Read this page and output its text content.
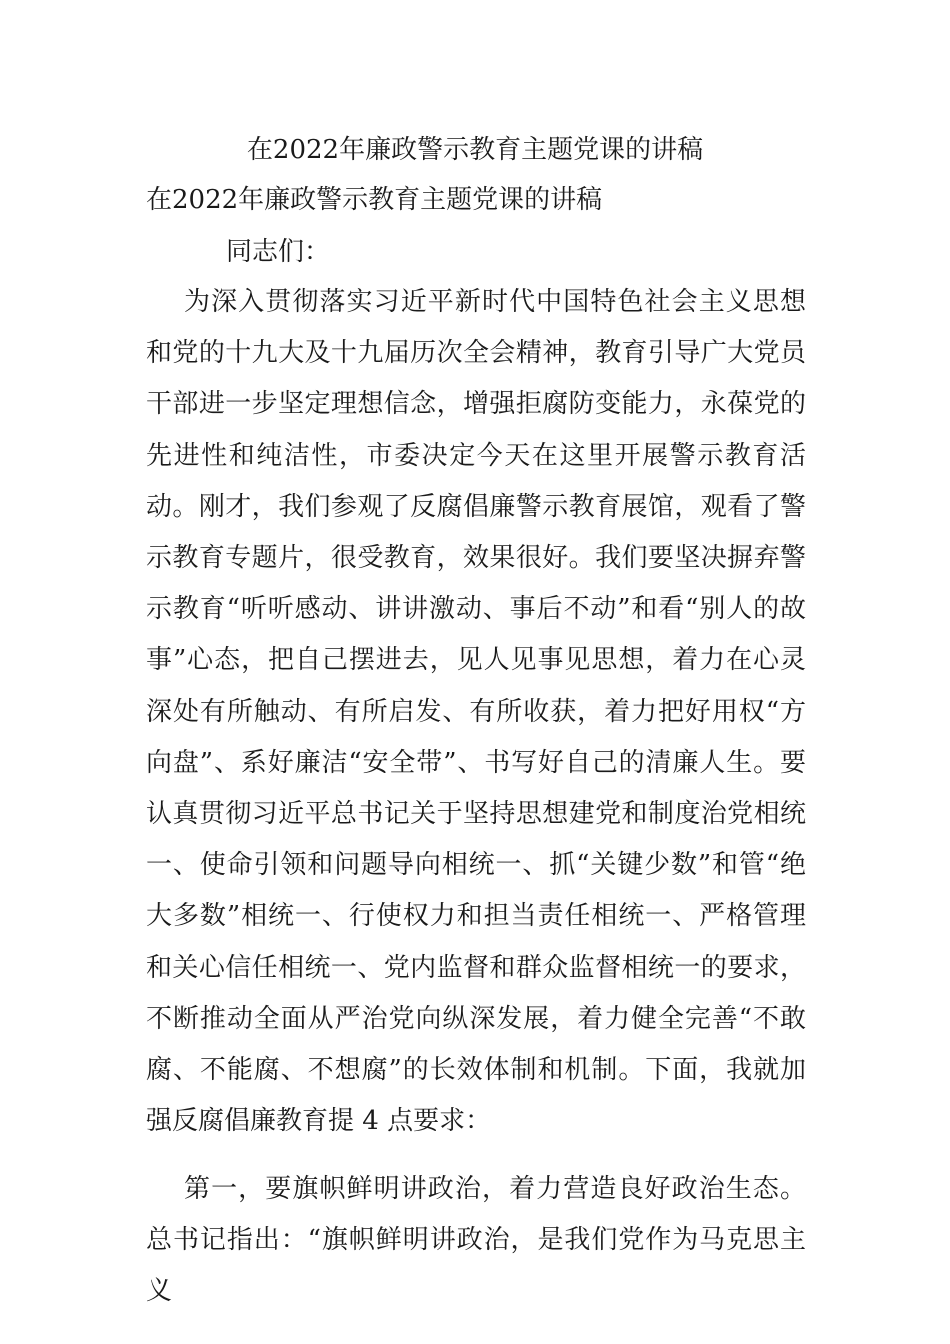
在2022年廉政警示教育主题党课的讲稿
在2022年廉政警示教育主题党课的讲稿

同志们：

为深入贯彻落实习近平新时代中国特色社会主义思想和党的十九大及十九届历次全会精神，教育引导广大党员干部进一步坚定理想信念，增强拒腐防变能力，永葆党的先进性和纯洁性，市委决定今天在这里开展警示教育活动。刚才，我们参观了反腐倡廉警示教育展馆，观看了警示教育专题片，很受教育，效果很好。我们要坚决摒弃警示教育“听听感动、讲讲激动、事后不动”和看“别人的故事”心态，把自己摆进去，见人见事见思想，着力在心灵深处有所触动、有所启发、有所收获，着力把好用权“方向盘”、系好廉洁“安全带”、书写好自己的清廉人生。要认真贯彻习近平总书记关于坚持思想建党和制度治党相统一、使命引领和问题导向相统一、抓“关键少数”和管“绝大多数”相统一、行使权力和担当责任相统一、严格管理和关心信任相统一、党内监督和群众监督相统一的要求，不断推动全面从严治党向纵深发展，着力健全完善“不敢腐、不能腐、不想腐”的长效体制和机制。下面，我就加强反腐倡廉教育提 4 点要求：

第一，要旗帜鲜明讲政治，着力营造良好政治生态。总书记指出：“旗帜鲜明讲政治，是我们党作为马克思主义
